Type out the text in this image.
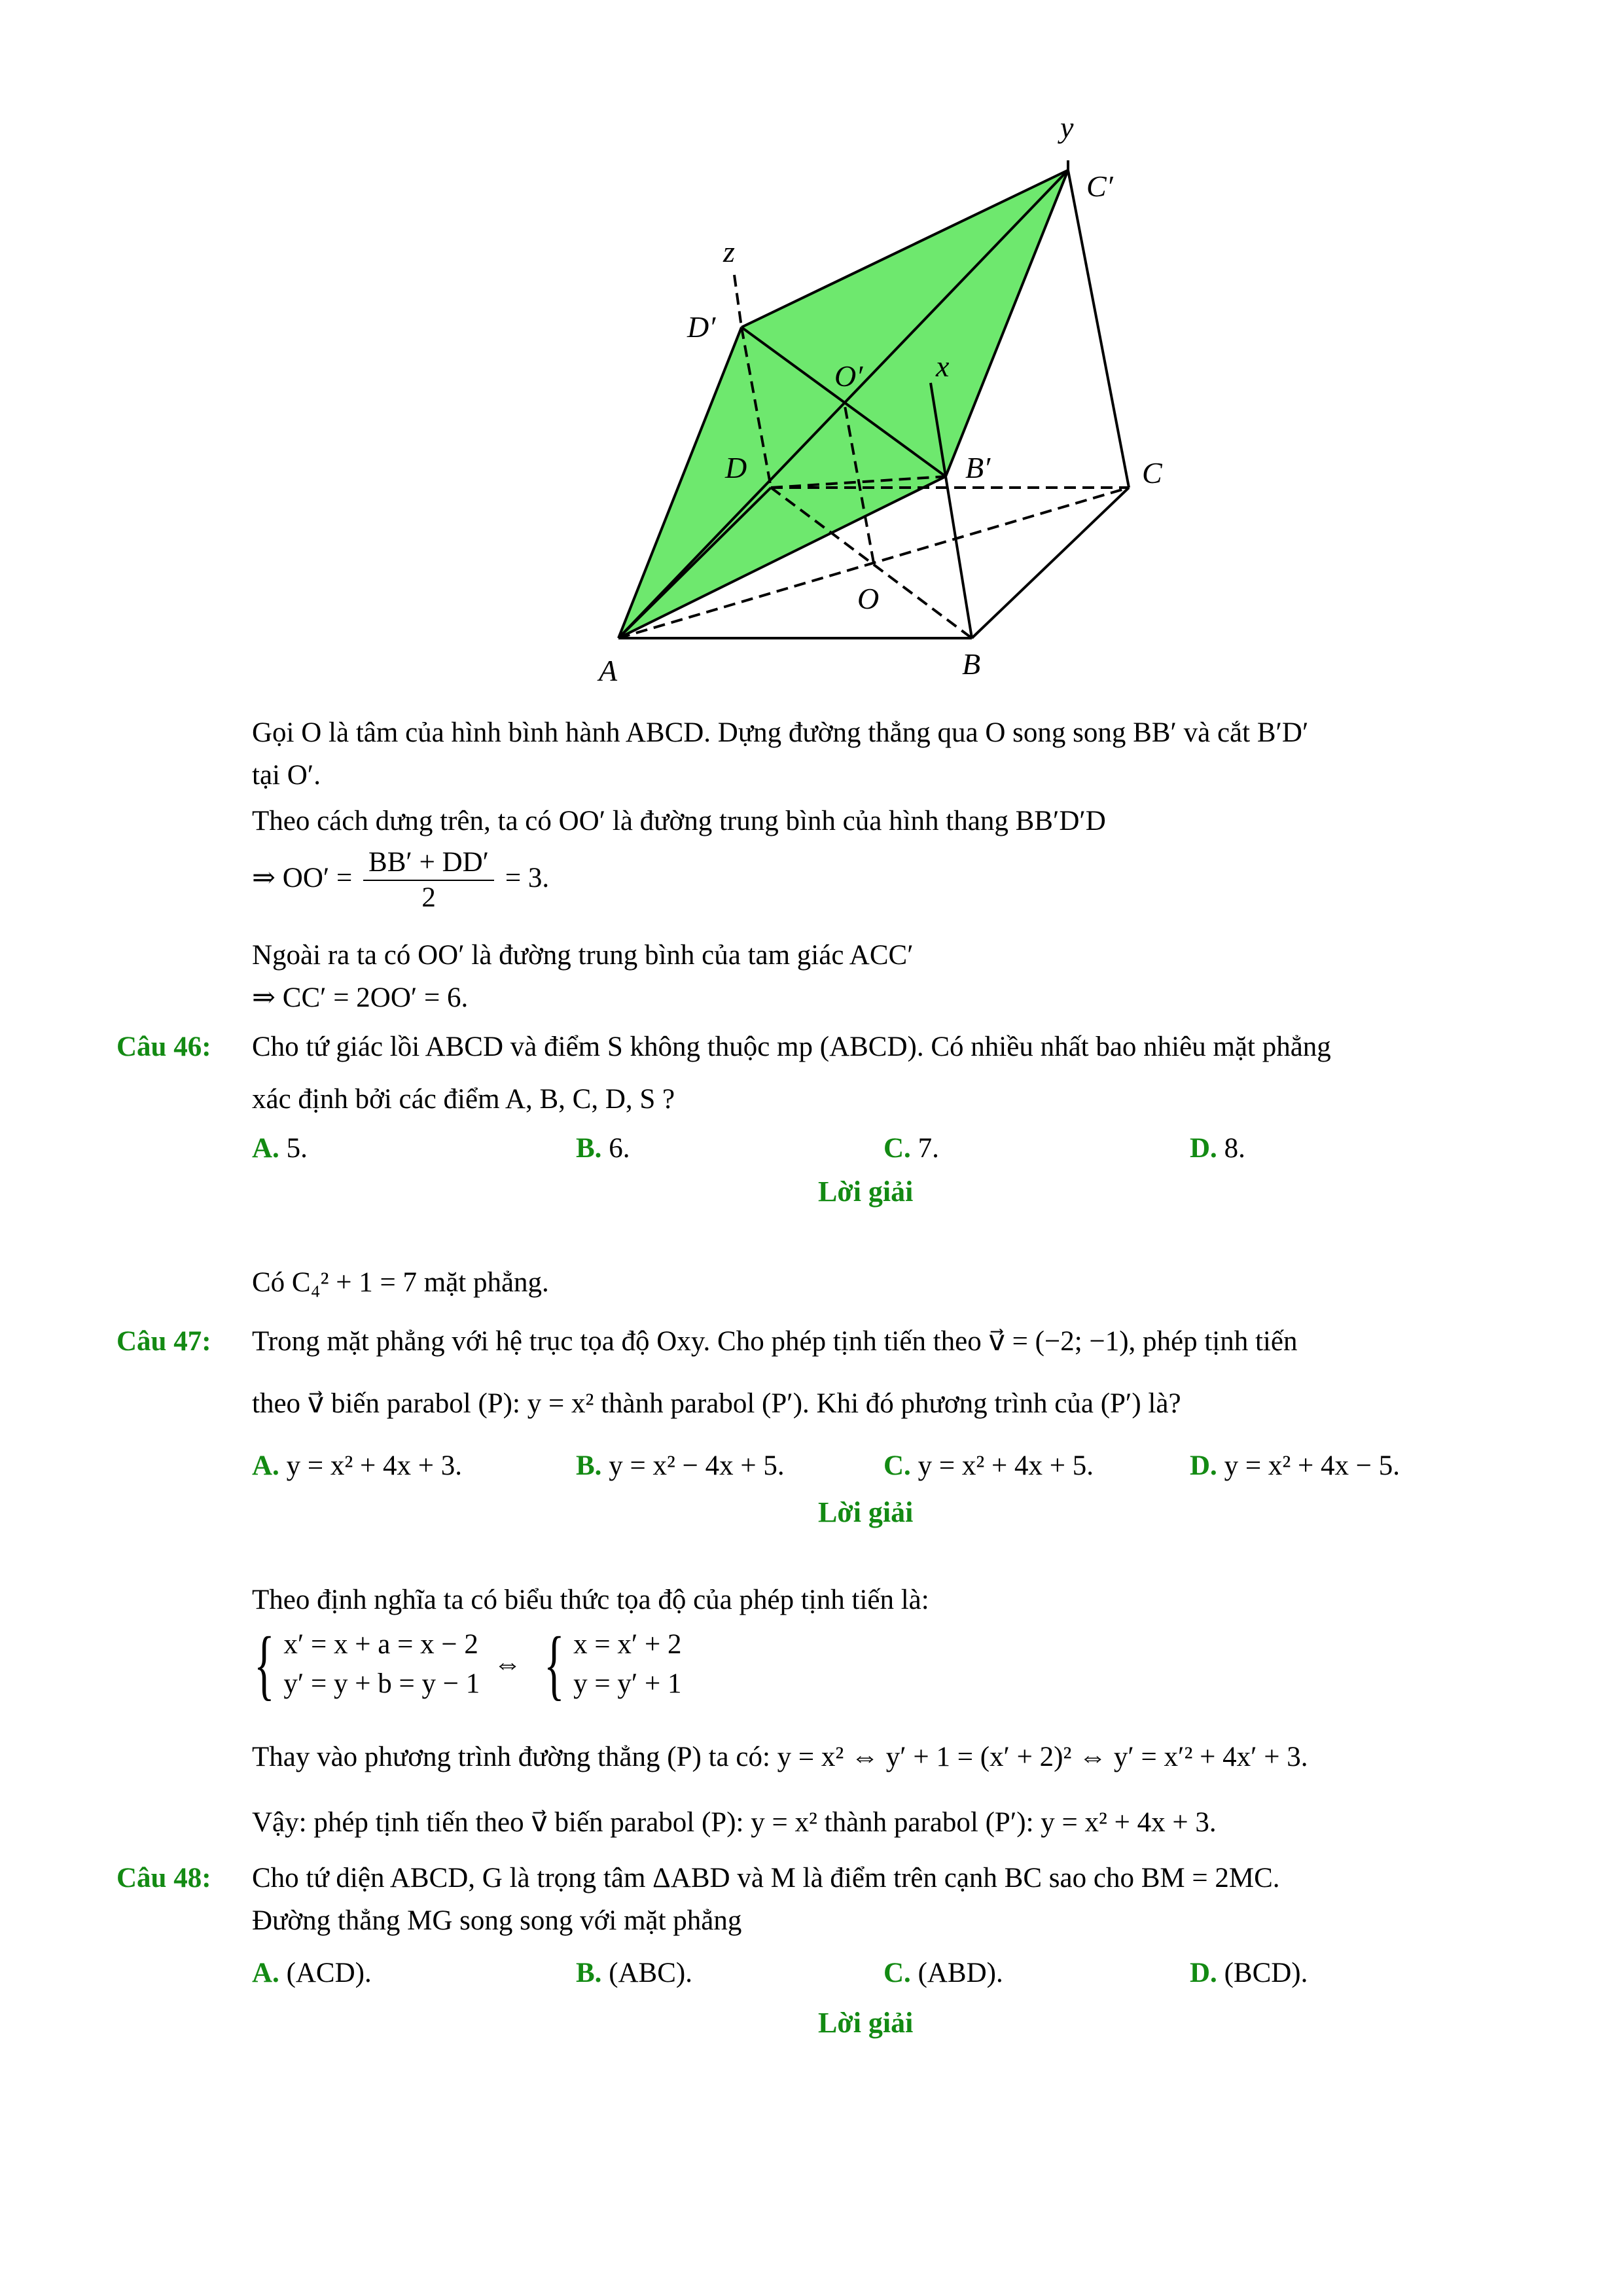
y
C′
z
D′
x
O′
D	B′	C
O
A	B
Gọi O là tâm của hình bình hành ABCD. Dựng đường thẳng qua O song song BB′ và cắt B′D′
tại O′.
Theo cách dưng trên, ta có OO′ là đường trung bình của hình thang BB′D′D
⇒ $OO' = \frac{BB' + DD'}{2} = 3$.
Ngoài ra ta có OO′ là đường trung bình của tam giác ACC′
⇒ CC′ = 2OO′ = 6.
Câu 46: Cho tứ giác lồi ABCD và điểm S không thuộc mp (ABCD). Có nhiều nhất bao nhiêu mặt phẳng
xác định bởi các điểm A, B, C, D, S ?
A. 5.	B. 6.	C. 7.	D. 8.
Lời giải
Có C₄² + 1 = 7 mặt phẳng.
Câu 47: Trong mặt phẳng với hệ trục tọa độ Oxy. Cho phép tịnh tiến theo v⃗ = (−2; −1), phép tịnh tiến
theo v⃗ biến parabol (P): y = x² thành parabol (P′). Khi đó phương trình của (P′) là?
A. y = x² + 4x + 3.	B. y = x² − 4x + 5.	C. y = x² + 4x + 5.	D. y = x² + 4x − 5.
Lời giải
Theo định nghĩa ta có biểu thức tọa độ của phép tịnh tiến là:
{ x′ = x + a = x − 2
y′ = y + b = y − 1
⇔ { x = x′ + 2
y = y′ + 1
Thay vào phương trình đường thẳng (P) ta có: y = x² ⇔ y′ + 1 = (x′ + 2)² ⇔ y′ = x′² + 4x′ + 3.
Vậy: phép tịnh tiến theo v⃗ biến parabol (P): y = x² thành parabol (P′): y = x² + 4x + 3.
Câu 48: Cho tứ diện ABCD, G là trọng tâm ΔABD và M là điểm trên cạnh BC sao cho BM = 2MC.
Đường thẳng MG song song với mặt phẳng
A. (ACD).	B. (ABC).	C. (ABD).	D. (BCD).
Lời giải
